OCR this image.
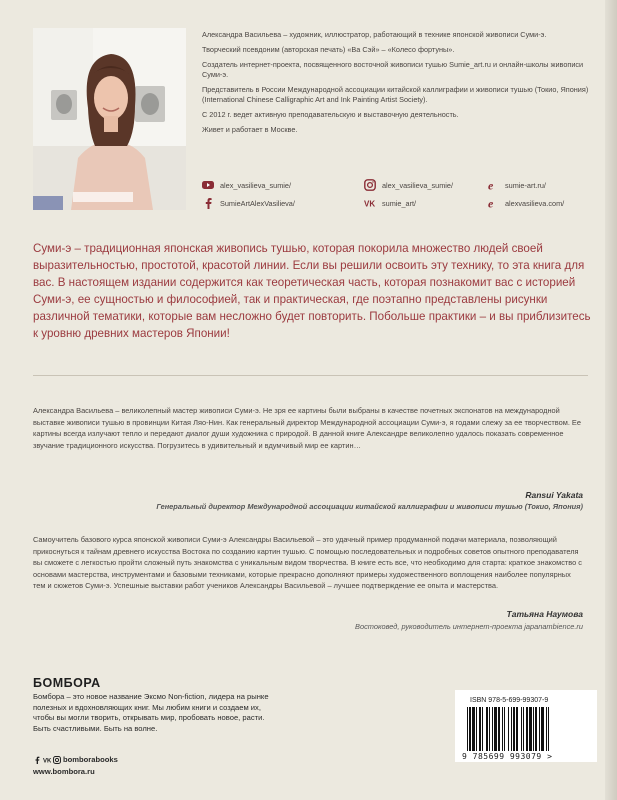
Александра Васильева – художник, иллюстратор, работающий в технике японской живописи Суми-э.

Творческий псевдоним (авторская печать) «Ва Сэй» – «Колесо фортуны».

Создатель интернет-проекта, посвященного восточной живописи тушью Sumie_art.ru и онлайн-школы живописи Суми-э.

Представитель в России Международной ассоциации китайской каллиграфии и живописи тушью (Токио, Япония) (International Chinese Calligraphic Art and Ink Painting Artist Society).

С 2012 г. ведет активную преподавательскую и выставочную деятельность.

Живет и работает в Москве.

alex_vasilieva_sumie/	alex_vasilieva_sumie/	e sumie-art.ru/
SumieArtAlexVasilieva/	VK sumie_art/	e alexvasilieva.com/
Суми-э – традиционная японская живопись тушью, которая покорила множество людей своей выразительностью, простотой, красотой линии. Если вы решили освоить эту технику, то эта книга для вас. В настоящем издании содержится как теоретическая часть, которая познакомит вас с историей Суми-э, ее сущностью и философией, так и практическая, где поэтапно представлены рисунки различной тематики, которые вам несложно будет повторить. Побольше практики – и вы приблизитесь к уровню древних мастеров Японии!
Александра Васильева – великолепный мастер живописи Суми-э. Не зря ее картины были выбраны в качестве почетных экспонатов на международной выставке живописи тушью в провинции Китая Ляо-Нин. Как генеральный директор Международной ассоциации Суми-э, я годами слежу за ее творчеством. Ее картины всегда излучают тепло и передают диалог души художника с природой. В данной книге Александре великолепно удалось показать современное звучание традиционного искусства. Погрузитесь в удивительный и вдумчивый мир ее картин…
Ransui Yakata
Генеральный директор Международной ассоциации китайской каллиграфии и живописи тушью (Токио, Япония)
Самоучитель базового курса японской живописи Суми-э Александры Васильевой – это удачный пример продуманной подачи материала, позволяющий прикоснуться к тайнам древнего искусства Востока по созданию картин тушью. С помощью последовательных и подробных советов опытного преподавателя вы сможете с легкостью пройти сложный путь знакомства с уникальным видом творчества. В книге есть все, что необходимо для старта: краткое знакомство с основами мастерства, инструментами и базовыми техниками, которые прекрасно дополняют примеры художественного воплощения наиболее популярных тем и сюжетов Суми-э. Успешные выставки работ учеников Александры Васильевой – лучшее подтверждение ее опыта и мастерства.
Татьяна Наумова
Востоковед, руководитель интернет-проекта japanambience.ru
БОМБОРА
Бомбора – это новое название Эксмо Non-fiction, лидера на рынке полезных и вдохновляющих книг. Мы любим книги и создаем их, чтобы вы могли творить, открывать мир, пробовать новое, расти. Быть счастливыми. Быть на волне.
VK bomborabooks
www.bombora.ru
ISBN 978-5-699-99307-9
9 785699 993079 >
